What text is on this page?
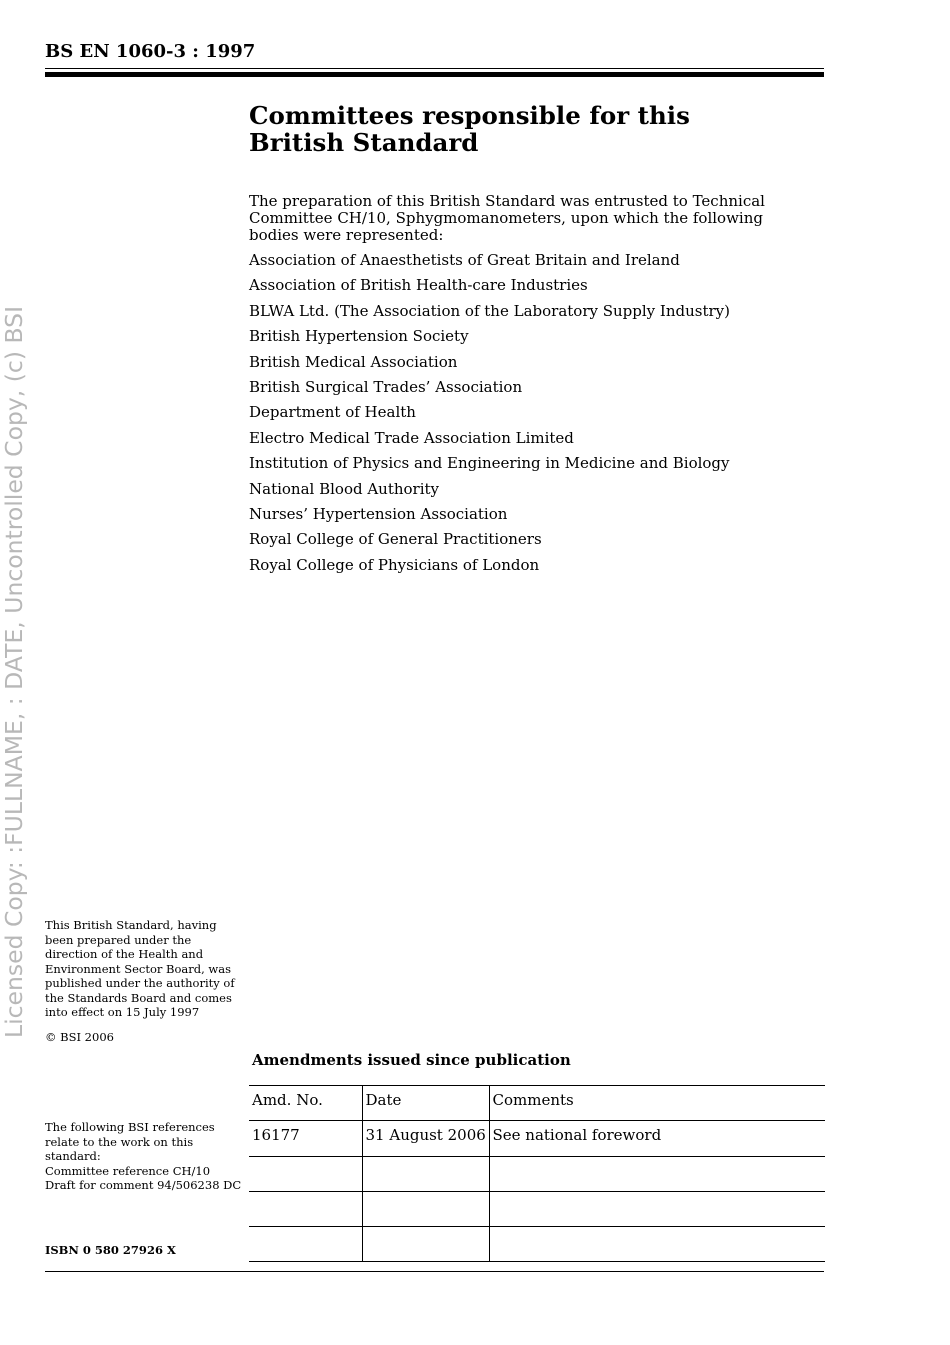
BS EN 1060-3 : 1997
Licensed Copy: :FULLNAME, : DATE, Uncontrolled Copy, (c) BSI
Committees responsible for this
British Standard
The preparation of this British Standard was entrusted to Technical Committee CH/10, Sphygmomanometers, upon which the following bodies were represented:
Association of Anaesthetists of Great Britain and Ireland
Association of British Health-care Industries
BLWA Ltd. (The Association of the Laboratory Supply Industry)
British Hypertension Society
British Medical Association
British Surgical Trades’ Association
Department of Health
Electro Medical Trade Association Limited
Institution of Physics and Engineering in Medicine and Biology
National Blood Authority
Nurses’ Hypertension Association
Royal College of General Practitioners
Royal College of Physicians of London
This British Standard, having been prepared under the direction of the Health and Environment Sector Board, was published under the authority of the Standards Board and comes into effect on 15 July 1997
© BSI 2006
The following BSI references relate to the work on this standard:
Committee reference CH/10
Draft for comment 94/506238 DC
ISBN 0 580 27926 X
Amendments issued since publication
Amd. No.	Date	Comments
16177	31 August 2006	See national foreword
